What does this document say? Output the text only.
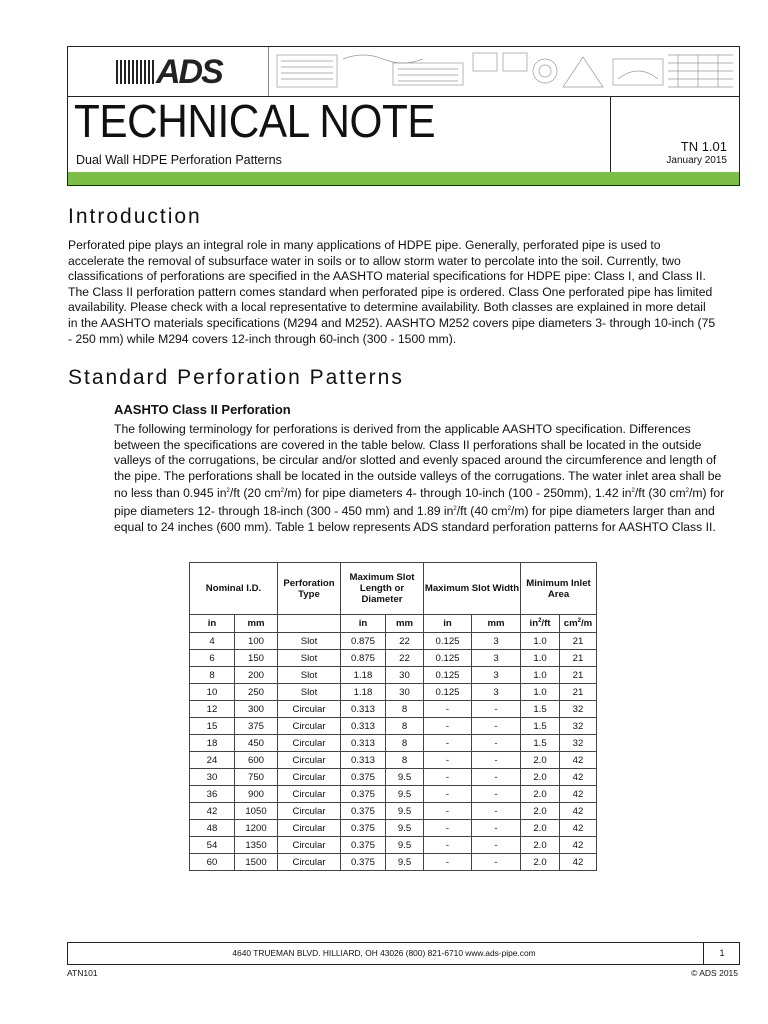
ADS
TECHNICAL NOTE
Dual Wall HDPE Perforation Patterns
TN 1.01
January 2015
Introduction

Perforated pipe plays an integral role in many applications of HDPE pipe. Generally, perforated pipe is used to accelerate the removal of subsurface water in soils or to allow storm water to percolate into the soil. Currently, two classifications of perforations are specified in the AASHTO material specifications for HDPE pipe: Class I, and Class II. The Class II perforation pattern comes standard when perforated pipe is ordered. Class One perforated pipe has limited availability. Please check with a local representative to determine availability. Both classes are explained in more detail in the AASHTO materials specifications (M294 and M252). AASHTO M252 covers pipe diameters 3- through 10-inch (75 - 250 mm) while M294 covers 12-inch through 60-inch (300 - 1500 mm).

Standard Perforation Patterns
AASHTO Class II Perforation

The following terminology for perforations is derived from the applicable AASHTO specification. Differences between the specifications are covered in the table below. Class II perforations shall be located in the outside valleys of the corrugations, be circular and/or slotted and evenly spaced around the circumference and length of the pipe. The perforations shall be located in the outside valleys of the corrugations. The water inlet area shall be no less than 0.945 $in^2/ft$ (20 $cm^2/m$) for pipe diameters 4- through 10-inch (100 - 250mm), 1.42 $in^2/ft$ (30 $cm^2/m$) for pipe diameters 12- through 18-inch (300 - 450 mm) and 1.89 $in^2/ft$ (40 $cm^2/m$) for pipe diameters larger than and equal to 24 inches (600 mm). Table 1 below represents ADS standard perforation patterns for AASHTO Class II.

Nominal I.D.		Perforation Type	Maximum Slot Length or Diameter		Maximum Slot Width		Minimum Inlet Area	
in	mm		in	mm	in	mm	$in^2/ft$	$cm^2/m$
4	100	Slot	0.875	22	0.125	3	1.0	21
6	150	Slot	0.875	22	0.125	3	1.0	21
8	200	Slot	1.18	30	0.125	3	1.0	21
10	250	Slot	1.18	30	0.125	3	1.0	21
12	300	Circular	0.313	8	-	-	1.5	32
15	375	Circular	0.313	8	-	-	1.5	32
18	450	Circular	0.313	8	-	-	1.5	32
24	600	Circular	0.313	8	-	-	2.0	42
30	750	Circular	0.375	9.5	-	-	2.0	42
36	900	Circular	0.375	9.5	-	-	2.0	42
42	1050	Circular	0.375	9.5	-	-	2.0	42
48	1200	Circular	0.375	9.5	-	-	2.0	42
54	1350	Circular	0.375	9.5	-	-	2.0	42
60	1500	Circular	0.375	9.5	-	-	2.0	42
4640 TRUEMAN BLVD. HILLIARD, OH 43026 (800) 821-6710 www.ads-pipe.com	1
ATN101	© ADS 2015
